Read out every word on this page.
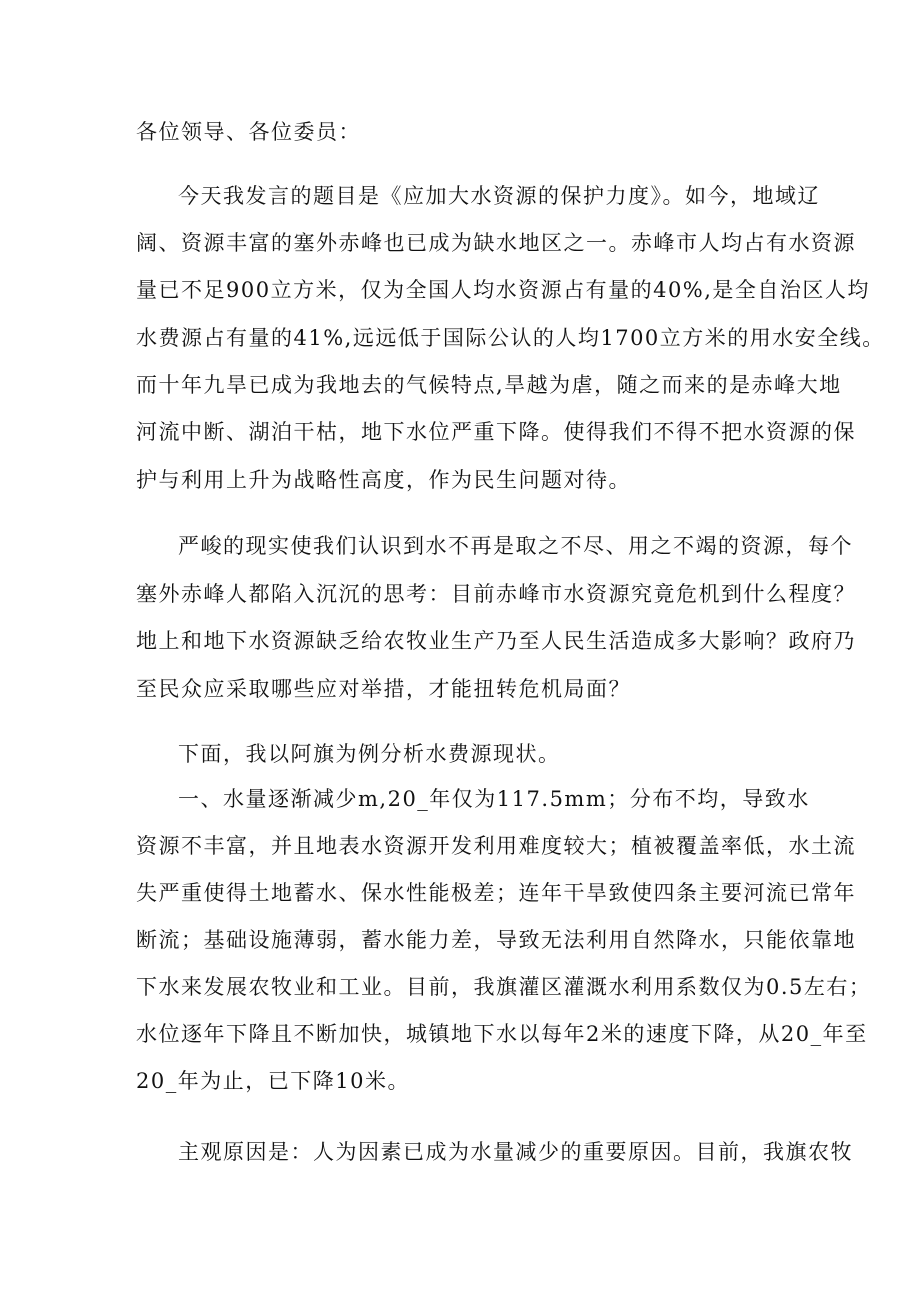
各位领导、各位委员：
今天我发言的题目是《应加大水资源的保护力度》。如今，地域辽
阔、资源丰富的塞外赤峰也已成为缺水地区之一。赤峰市人均占有水资源
量已不足900立方米，仅为全国人均水资源占有量的40%,是全自治区人均
水费源占有量的41%,远远低于国际公认的人均1700立方米的用水安全线。
而十年九旱已成为我地去的气候特点,旱越为虐，随之而来的是赤峰大地
河流中断、湖泊干枯，地下水位严重下降。使得我们不得不把水资源的保
护与利用上升为战略性高度，作为民生问题对待。
严峻的现实使我们认识到水不再是取之不尽、用之不竭的资源，每个
塞外赤峰人都陷入沉沉的思考：目前赤峰市水资源究竟危机到什么程度？
地上和地下水资源缺乏给农牧业生产乃至人民生活造成多大影响？政府乃
至民众应采取哪些应对举措，才能扭转危机局面？
下面，我以阿旗为例分析水费源现状。
一、水量逐渐减少m,20_年仅为117.5mm；分布不均，导致水
资源不丰富，并且地表水资源开发利用难度较大；植被覆盖率低，水土流
失严重使得土地蓄水、保水性能极差；连年干旱致使四条主要河流已常年
断流；基础设施薄弱，蓄水能力差，导致无法利用自然降水，只能依靠地
下水来发展农牧业和工业。目前，我旗灌区灌溉水利用系数仅为0.5左右；
水位逐年下降且不断加快，城镇地下水以每年2米的速度下降，从20_年至
20_年为止，已下降10米。
主观原因是：人为因素已成为水量减少的重要原因。目前，我旗农牧
